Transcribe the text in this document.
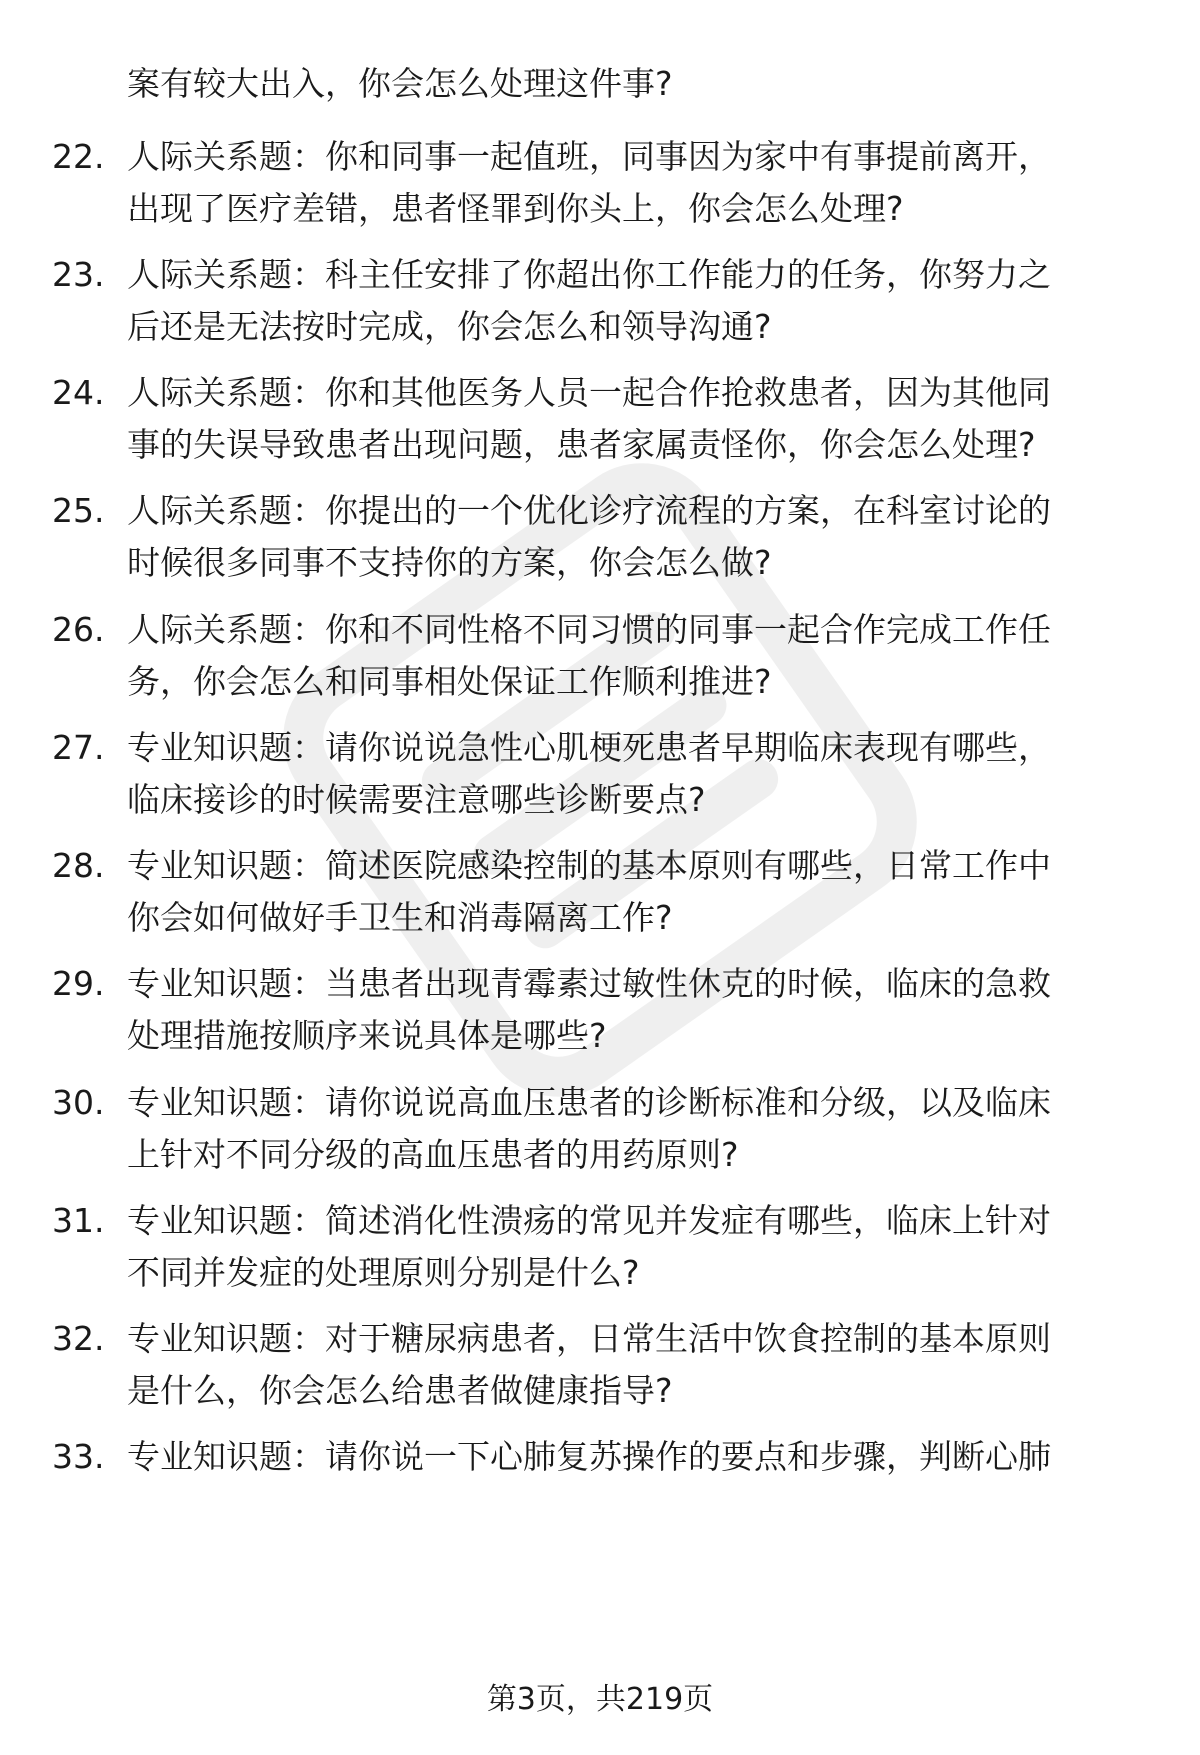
案有较大出入，你会怎么处理这件事?
22. 人际关系题：你和同事一起值班，同事因为家中有事提前离开，
出现了医疗差错，患者怪罪到你头上，你会怎么处理?
23. 人际关系题：科主任安排了你超出你工作能力的任务，你努力之
后还是无法按时完成，你会怎么和领导沟通?
24. 人际关系题：你和其他医务人员一起合作抢救患者，因为其他同
事的失误导致患者出现问题，患者家属责怪你，你会怎么处理?
25. 人际关系题：你提出的一个优化诊疗流程的方案，在科室讨论的
时候很多同事不支持你的方案，你会怎么做?
26. 人际关系题：你和不同性格不同习惯的同事一起合作完成工作任
务，你会怎么和同事相处保证工作顺利推进?
27. 专业知识题：请你说说急性心肌梗死患者早期临床表现有哪些，
临床接诊的时候需要注意哪些诊断要点?
28. 专业知识题：简述医院感染控制的基本原则有哪些，日常工作中
你会如何做好手卫生和消毒隔离工作?
29. 专业知识题：当患者出现青霉素过敏性休克的时候，临床的急救
处理措施按顺序来说具体是哪些?
30. 专业知识题：请你说说高血压患者的诊断标准和分级，以及临床
上针对不同分级的高血压患者的用药原则?
31. 专业知识题：简述消化性溃疡的常见并发症有哪些，临床上针对
不同并发症的处理原则分别是什么?
32. 专业知识题：对于糖尿病患者，日常生活中饮食控制的基本原则
是什么，你会怎么给患者做健康指导?
33. 专业知识题：请你说一下心肺复苏操作的要点和步骤，判断心肺
第3页，共219页
